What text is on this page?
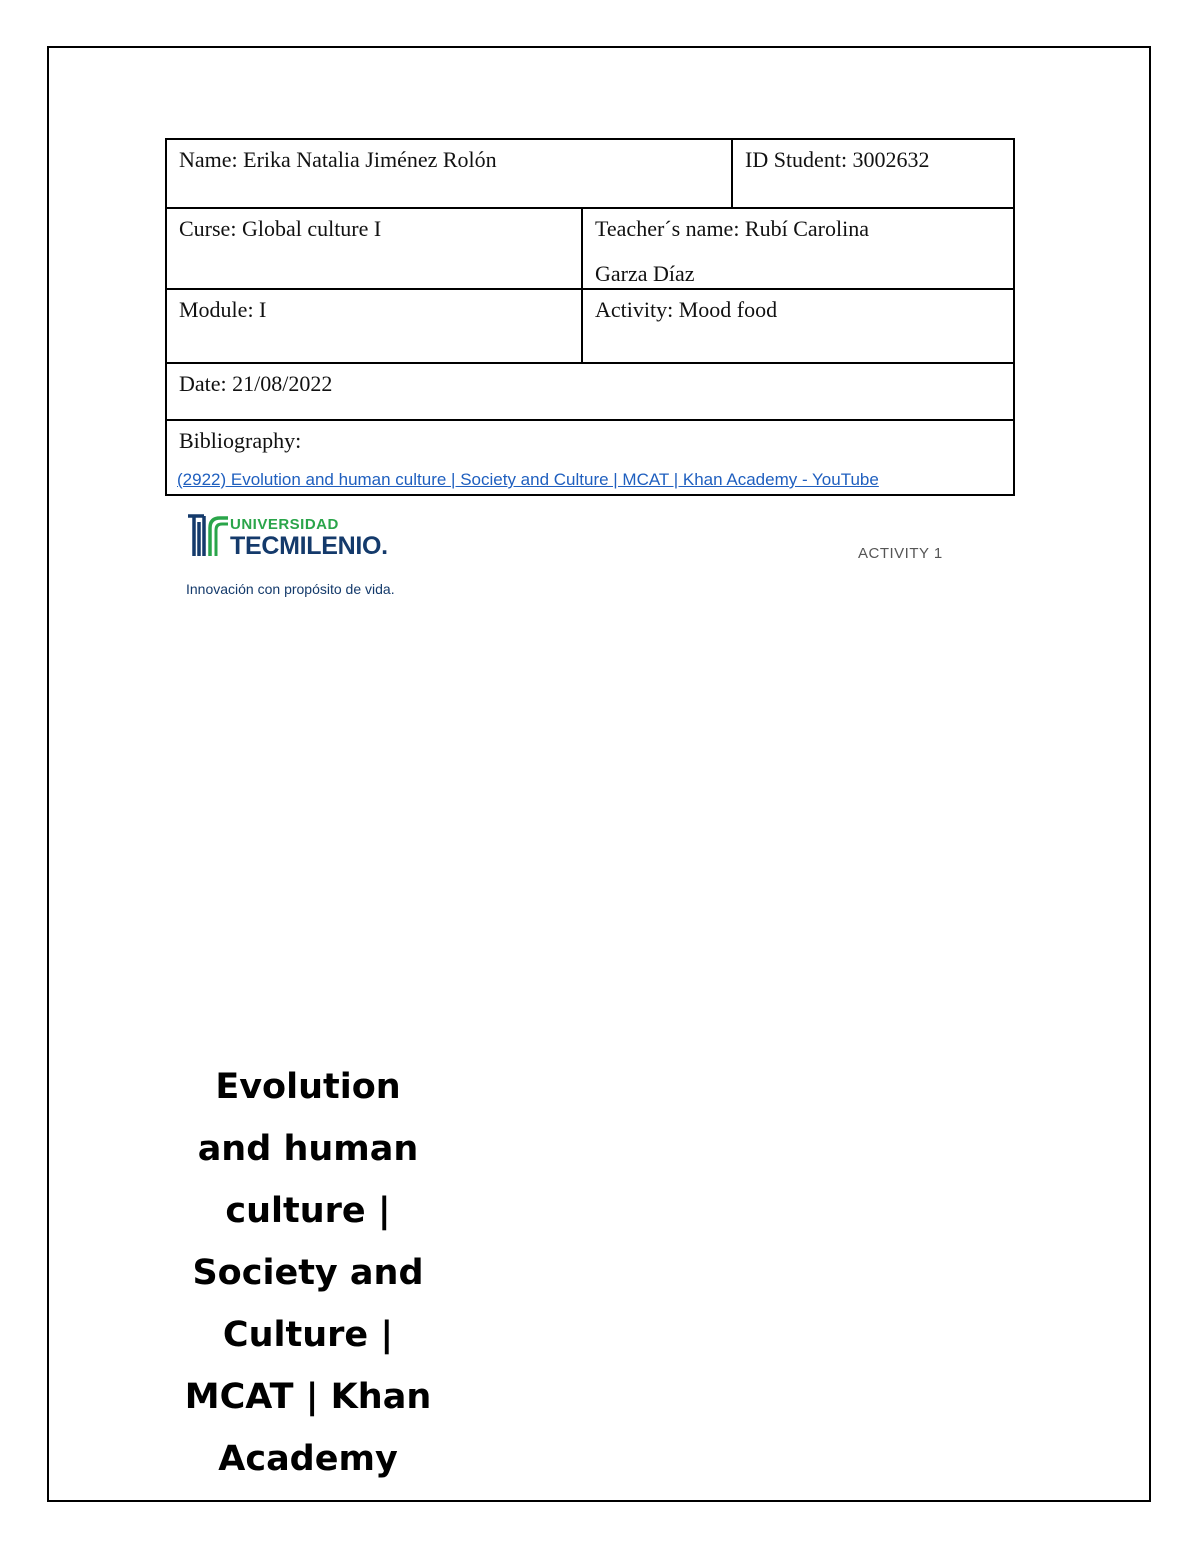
Name: Erika Natalia Jiménez Rolón	ID Student: 3002632
Curse: Global culture I	Teacher´s name: Rubí Carolina
Garza Díaz
Module: I	Activity: Mood food
Date: 21/08/2022
Bibliography:
(2922) Evolution and human culture | Society and Culture | MCAT | Khan Academy - YouTube
UNIVERSIDAD
TECMILENIO.
Innovación con propósito de vida.
ACTIVITY 1
Evolution and human culture | Society and Culture | MCAT | Khan Academy
